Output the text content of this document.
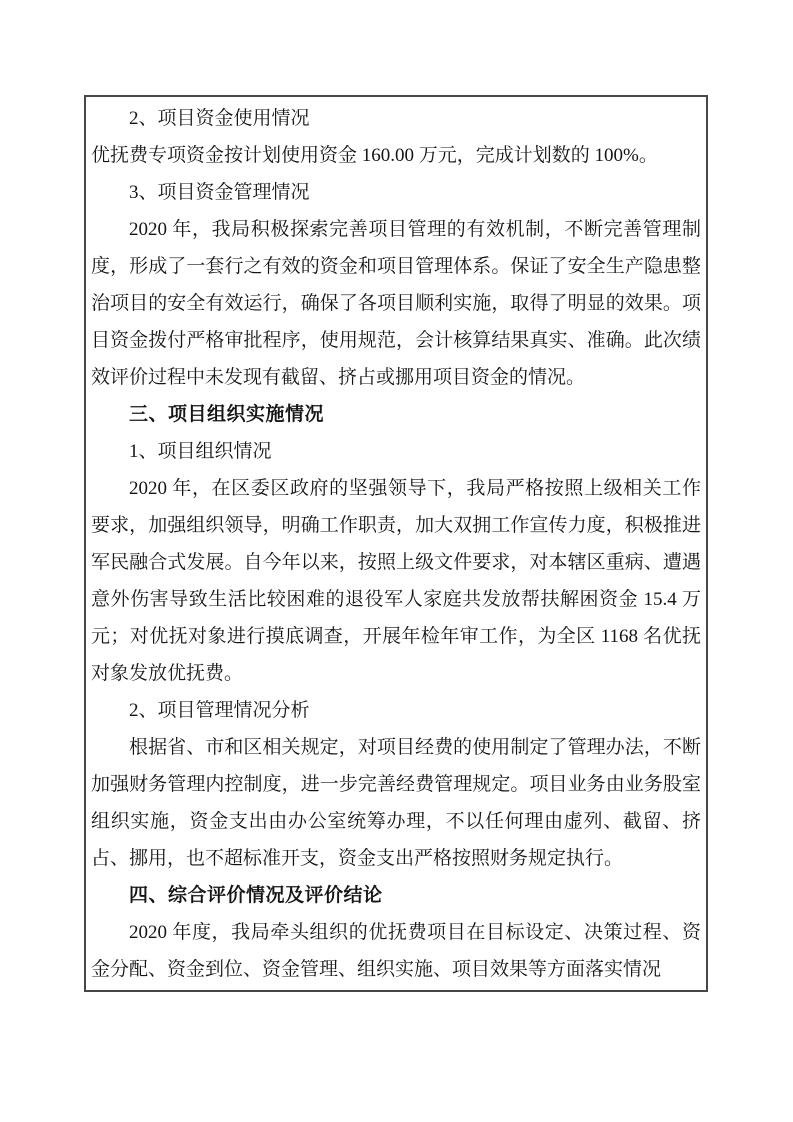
2、项目资金使用情况

优抚费专项资金按计划使用资金 160.00 万元，完成计划数的 100%。

3、项目资金管理情况

2020 年，我局积极探索完善项目管理的有效机制，不断完善管理制度，形成了一套行之有效的资金和项目管理体系。保证了安全生产隐患整治项目的安全有效运行，确保了各项目顺利实施，取得了明显的效果。项目资金拨付严格审批程序，使用规范，会计核算结果真实、准确。此次绩效评价过程中未发现有截留、挤占或挪用项目资金的情况。

三、项目组织实施情况

1、项目组织情况

2020 年，在区委区政府的坚强领导下，我局严格按照上级相关工作要求，加强组织领导，明确工作职责，加大双拥工作宣传力度，积极推进军民融合式发展。自今年以来，按照上级文件要求，对本辖区重病、遭遇意外伤害导致生活比较困难的退役军人家庭共发放帮扶解困资金 15.4 万元；对优抚对象进行摸底调查，开展年检年审工作，为全区 1168 名优抚对象发放优抚费。

2、项目管理情况分析

根据省、市和区相关规定，对项目经费的使用制定了管理办法，不断加强财务管理内控制度，进一步完善经费管理规定。项目业务由业务股室组织实施，资金支出由办公室统筹办理，不以任何理由虚列、截留、挤占、挪用，也不超标准开支，资金支出严格按照财务规定执行。

四、综合评价情况及评价结论

2020 年度，我局牵头组织的优抚费项目在目标设定、决策过程、资金分配、资金到位、资金管理、组织实施、项目效果等方面落实情况
